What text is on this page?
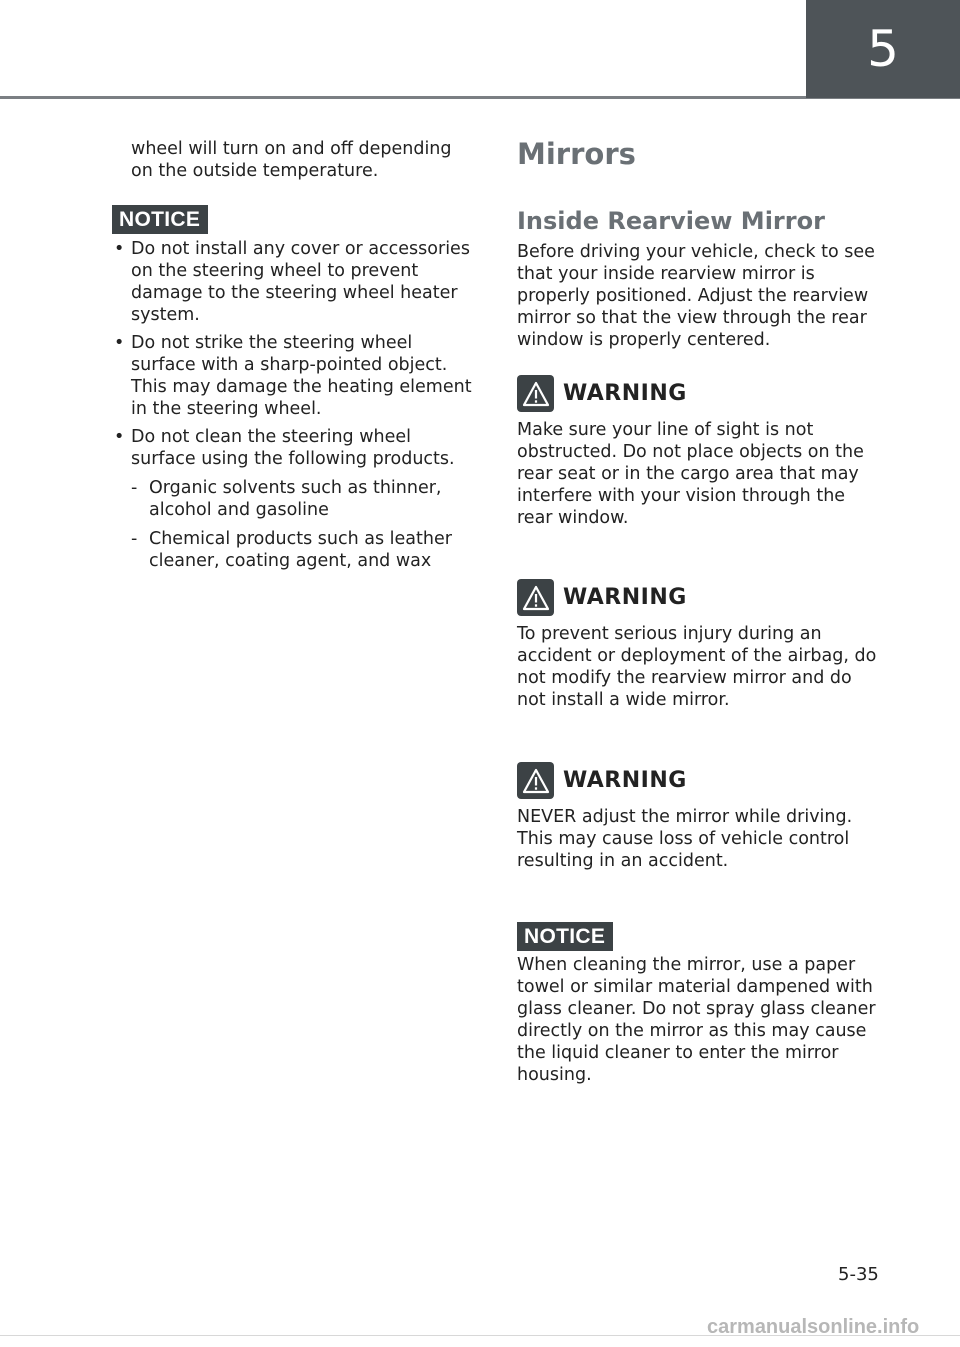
5

wheel will turn on and off depending on the outside temperature.

NOTICE
• Do not install any cover or accessories on the steering wheel to prevent damage to the steering wheel heater system.
• Do not strike the steering wheel surface with a sharp-pointed object. This may damage the heating element in the steering wheel.
• Do not clean the steering wheel surface using the following products.
- Organic solvents such as thinner, alcohol and gasoline
- Chemical products such as leather cleaner, coating agent, and wax
Mirrors
Inside Rearview Mirror

Before driving your vehicle, check to see that your inside rearview mirror is properly positioned. Adjust the rearview mirror so that the view through the rear window is properly centered.

WARNING

Make sure your line of sight is not obstructed. Do not place objects on the rear seat or in the cargo area that may interfere with your vision through the rear window.

WARNING

To prevent serious injury during an accident or deployment of the airbag, do not modify the rearview mirror and do not install a wide mirror.

WARNING

NEVER adjust the mirror while driving. This may cause loss of vehicle control resulting in an accident.

NOTICE

When cleaning the mirror, use a paper towel or similar material dampened with glass cleaner. Do not spray glass cleaner directly on the mirror as this may cause the liquid cleaner to enter the mirror housing.

5-35
carmanualsonline.info
